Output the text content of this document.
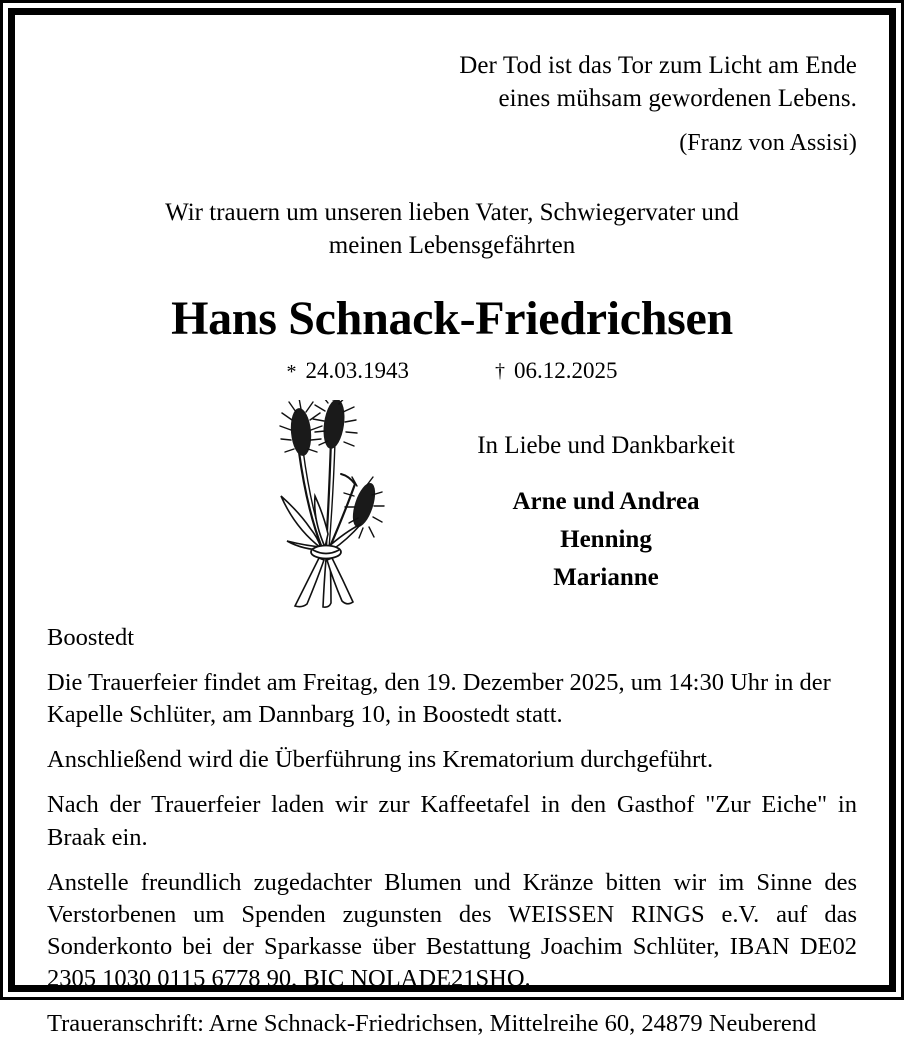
Der Tod ist das Tor zum Licht am Ende
eines mühsam gewordenen Lebens.
(Franz von Assisi)
Wir trauern um unseren lieben Vater, Schwiegervater und
meinen Lebensgefährten
Hans Schnack-Friedrichsen
* 24.03.1943	† 06.12.2025
In Liebe und Dankbarkeit
Arne und Andrea
Henning
Marianne

Boostedt

Die Trauerfeier findet am Freitag, den 19. Dezember 2025, um 14:30 Uhr in der Kapelle Schlüter, am Dannbarg 10, in Boostedt statt.

Anschließend wird die Überführung ins Krematorium durchgeführt.

Nach der Trauerfeier laden wir zur Kaffeetafel in den Gasthof "Zur Eiche" in Braak ein.

Anstelle freundlich zugedachter Blumen und Kränze bitten wir im Sinne des Verstorbenen um Spenden zugunsten des WEISSEN RINGS e.V. auf das Sonderkonto bei der Sparkasse über Bestattung Joachim Schlüter, IBAN DE02 2305 1030 0115 6778 90, BIC NOLADE21SHO.

Traueranschrift: Arne Schnack-Friedrichsen, Mittelreihe 60, 24879 Neuberend
